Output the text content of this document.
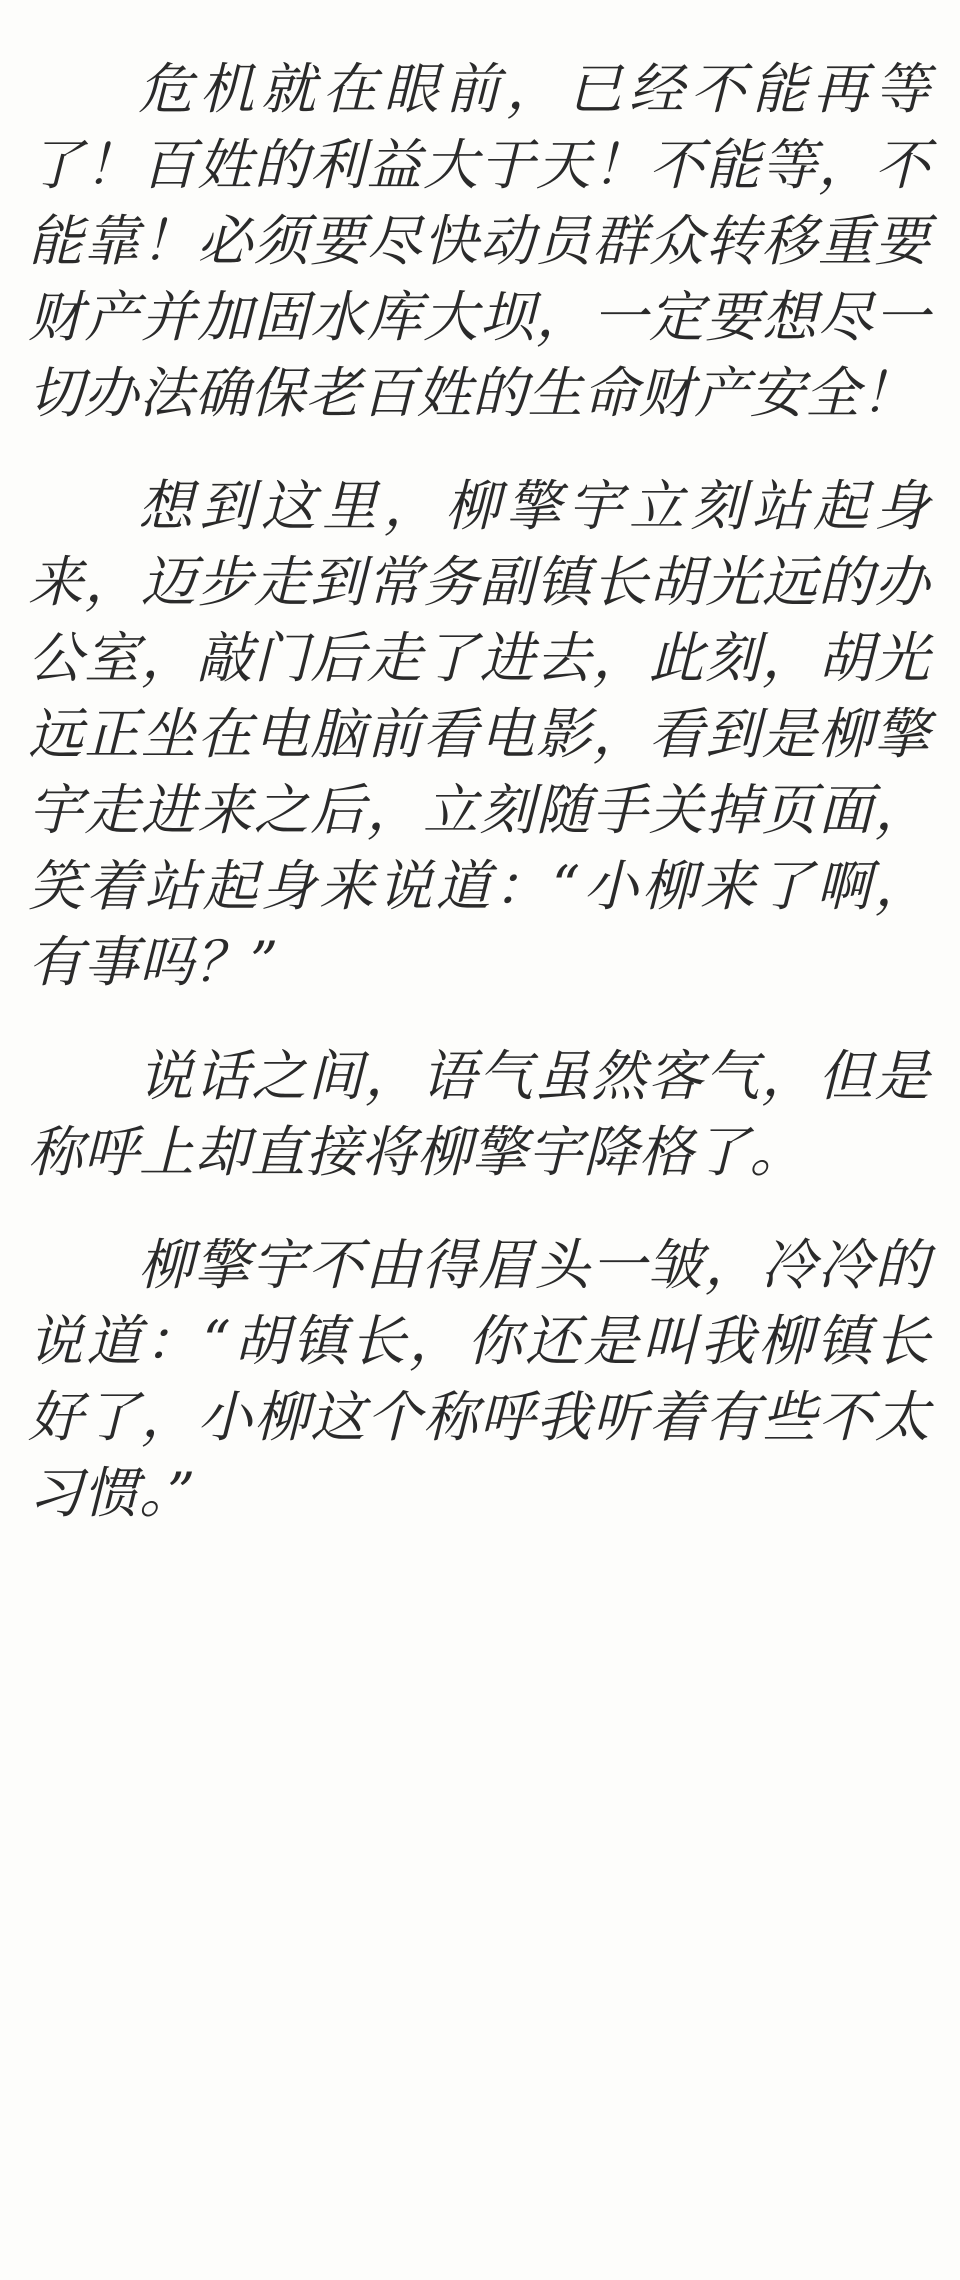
危机就在眼前，已经不能再等了！百姓的利益大于天！不能等，不能靠！必须要尽快动员群众转移重要财产并加固水库大坝，一定要想尽一切办法确保老百姓的生命财产安全！

想到这里，柳擎宇立刻站起身来，迈步走到常务副镇长胡光远的办公室，敲门后走了进去，此刻，胡光远正坐在电脑前看电影，看到是柳擎宇走进来之后，立刻随手关掉页面，笑着站起身来说道：“小柳来了啊，有事吗？”

说话之间，语气虽然客气，但是称呼上却直接将柳擎宇降格了。

柳擎宇不由得眉头一皱，冷冷的说道：“胡镇长，你还是叫我柳镇长好了，小柳这个称呼我听着有些不太习惯。”
